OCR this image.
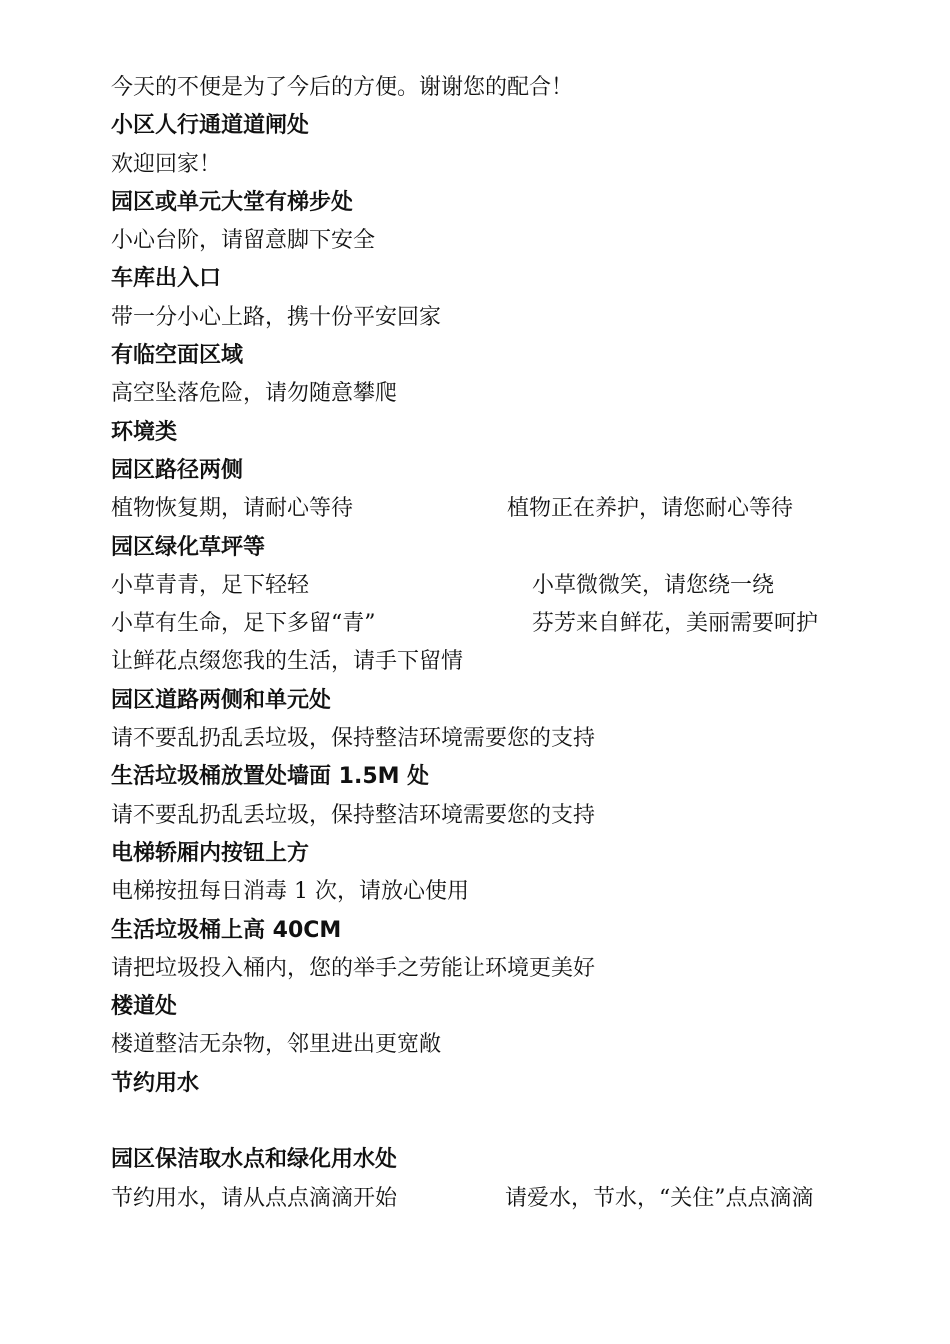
今天的不便是为了今后的方便。谢谢您的配合！
小区人行通道道闸处
欢迎回家！
园区或单元大堂有梯步处
小心台阶，请留意脚下安全
车库出入口
带一分小心上路，携十份平安回家
有临空面区域
高空坠落危险，请勿随意攀爬
环境类
园区路径两侧
植物恢复期，请耐心等待	植物正在养护，请您耐心等待
园区绿化草坪等
小草青青，足下轻轻	小草微微笑，请您绕一绕
小草有生命，足下多留“青”	芬芳来自鲜花，美丽需要呵护
让鲜花点缀您我的生活，请手下留情
园区道路两侧和单元处
请不要乱扔乱丢垃圾，保持整洁环境需要您的支持
生活垃圾桶放置处墙面 1.5M 处
请不要乱扔乱丢垃圾，保持整洁环境需要您的支持
电梯轿厢内按钮上方
电梯按扭每日消毒 1 次，请放心使用
生活垃圾桶上高 40CM
请把垃圾投入桶内，您的举手之劳能让环境更美好
楼道处
楼道整洁无杂物，邻里进出更宽敞
节约用水
园区保洁取水点和绿化用水处
节约用水，请从点点滴滴开始	请爱水，节水，“关住”点点滴滴
